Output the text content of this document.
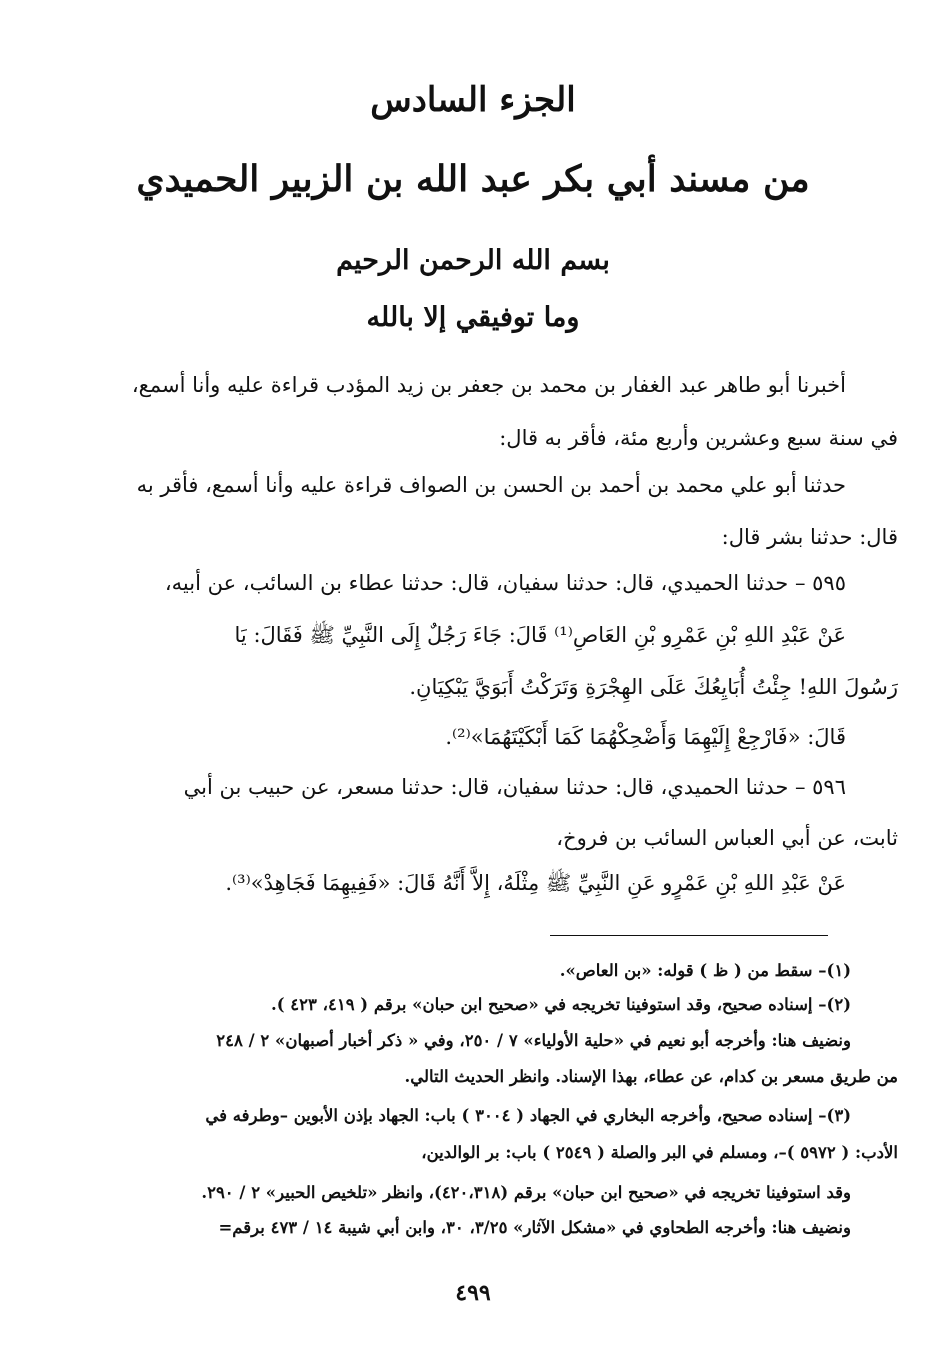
الجزء السادس
من مسند أبي بكر عبد الله بن الزبير الحميدي
بسم الله الرحمن الرحيم
وما توفيقي إلا بالله
أخبرنا أبو طاهر عبد الغفار بن محمد بن جعفر بن زيد المؤدب قراءة عليه وأنا أسمع،
في سنة سبع وعشرين وأربع مئة، فأقر به قال:
حدثنا أبو علي محمد بن أحمد بن الحسن بن الصواف قراءة عليه وأنا أسمع، فأقر به
قال: حدثنا بشر قال:
٥٩٥ – حدثنا الحميدي، قال: حدثنا سفيان، قال: حدثنا عطاء بن السائب، عن أبيه،
عَنْ عَبْدِ اللهِ بْنِ عَمْرِو بْنِ العَاصِ⁽¹⁾ قَالَ: جَاءَ رَجُلٌ إِلَى النَّبِيِّ ﷺ فَقَالَ: يَا
رَسُولَ اللهِ! جِئْتُ أُبَايِعُكَ عَلَى الهِجْرَةِ وَتَرَكْتُ أَبَوَيَّ يَبْكِيَانِ.
قَالَ: «فَارْجِعْ إِلَيْهِمَا وَأَضْحِكْهُمَا كَمَا أَبْكَيْتَهُمَا»⁽²⁾.
٥٩٦ – حدثنا الحميدي، قال: حدثنا سفيان، قال: حدثنا مسعر، عن حبيب بن أبي
ثابت، عن أبي العباس السائب بن فروخ،
عَنْ عَبْدِ اللهِ بْنِ عَمْرٍو عَنِ النَّبِيِّ ﷺ مِثْلَهُ، إِلاَّ أَنَّهُ قَالَ: «فَفِيهِمَا فَجَاهِدْ»⁽³⁾.
(١)– سقط من ( ظ ) قوله: «بن العاص».
(٢)– إسناده صحيح، وقد استوفينا تخريجه في «صحيح ابن حبان» برقم ( ٤١٩، ٤٢٣ ).
ونضيف هنا: وأخرجه أبو نعيم في «حلية الأولياء» ٧ / ٢٥٠، وفي « ذكر أخبار أصبهان» ٢ / ٢٤٨
من طريق مسعر بن كدام، عن عطاء، بهذا الإسناد. وانظر الحديث التالي.
(٣)– إسناده صحيح، وأخرجه البخاري في الجهاد ( ٣٠٠٤ ) باب: الجهاد بإذن الأبوين –وطرفه في
الأدب: ( ٥٩٧٢ )–، ومسلم في البر والصلة ( ٢٥٤٩ ) باب: بر الوالدين،
وقد استوفينا تخريجه في «صحيح ابن حبان» برقم (٤٢٠،٣١٨)، وانظر «تلخيص الحبير» ٢ / ٢٩٠.
ونضيف هنا: وأخرجه الطحاوي في «مشكل الآثار» ٣/٢٥، ٣٠، وابن أبي شيبة ١٤ / ٤٧٣ برقم=
٤٩٩
